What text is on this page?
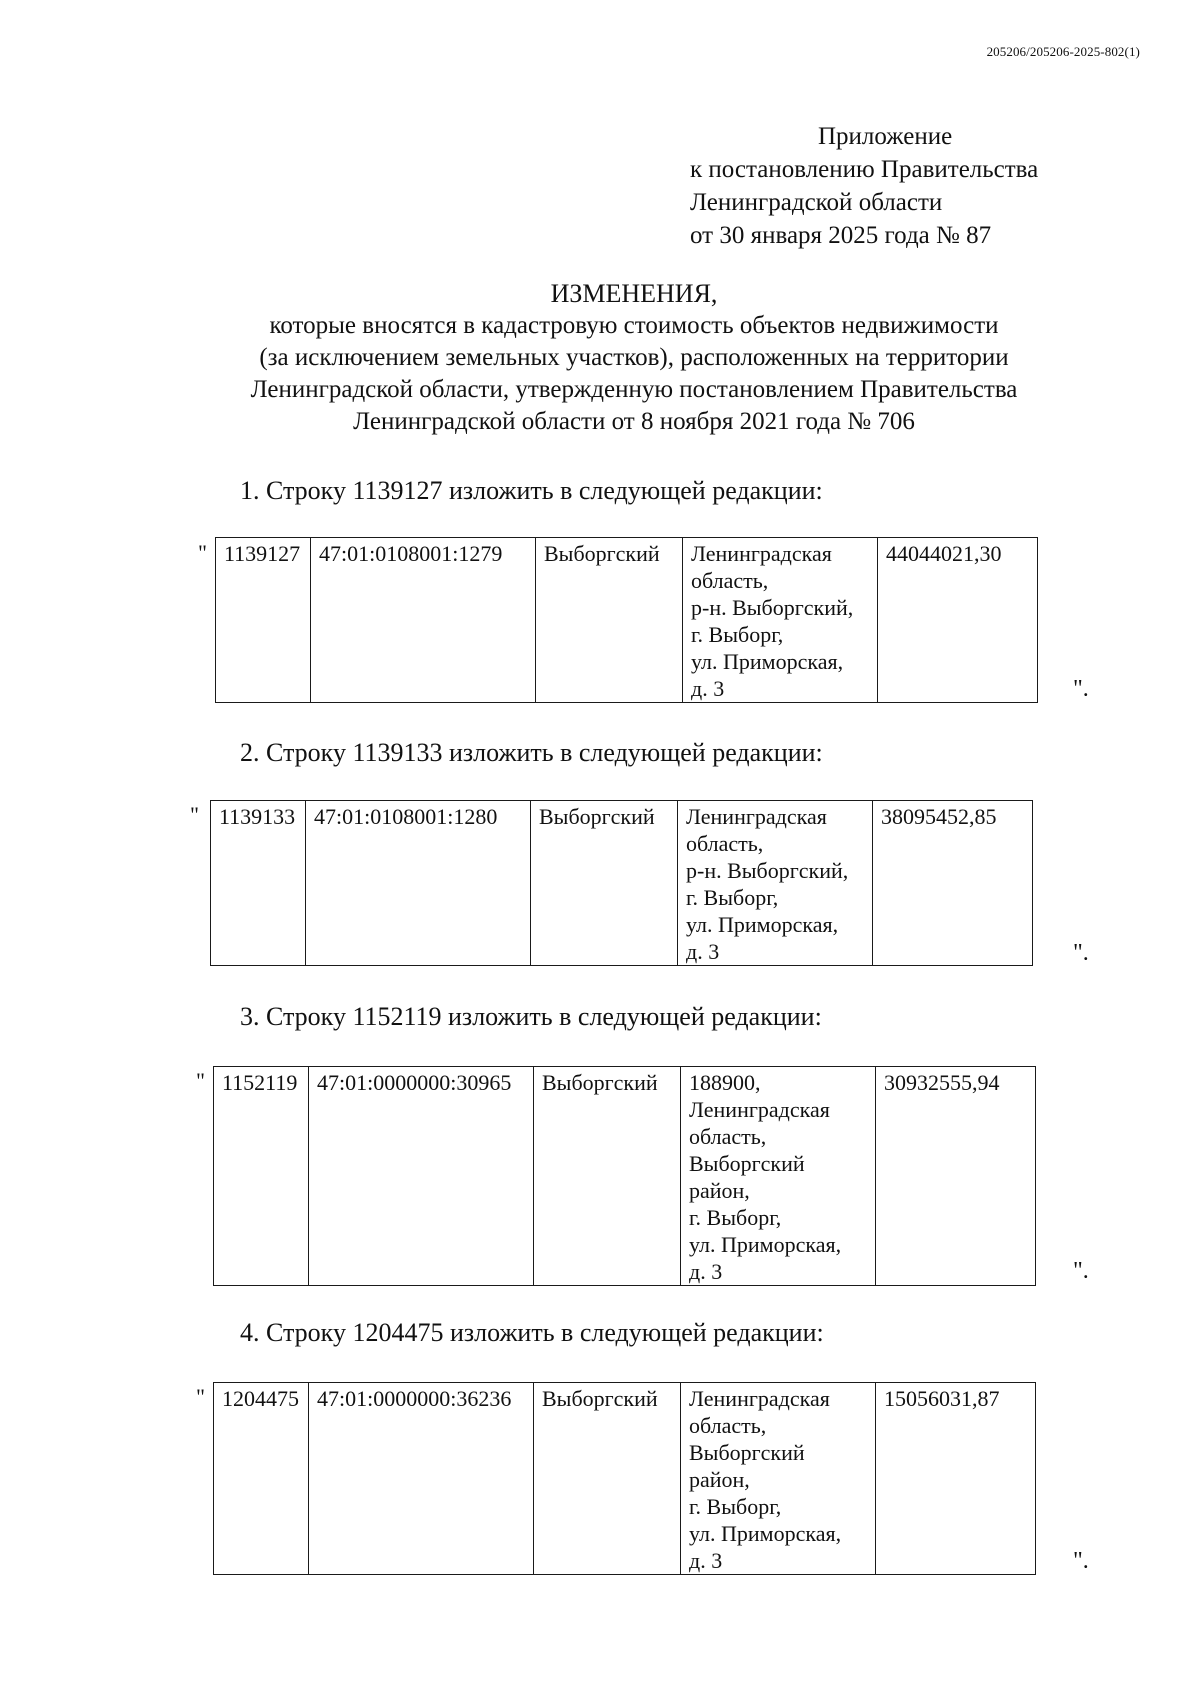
205206/205206-2025-802(1)
Приложение
к постановлению Правительства
Ленинградской области
от 30 января 2025 года № 87
ИЗМЕНЕНИЯ,
которые вносятся в кадастровую стоимость объектов недвижимости
(за исключением земельных участков), расположенных на территории
Ленинградской области, утвержденную постановлением Правительства
Ленинградской области от 8 ноября 2021 года № 706
1. Строку 1139127 изложить в следующей редакции:
" 1139127	47:01:0108001:1279	Выборгский	Ленинградская
область,
р-н. Выборгский,
г. Выборг,
ул. Приморская,
д. 3
	44044021,30
".
2. Строку 1139133 изложить в следующей редакции:
" 1139133	47:01:0108001:1280	Выборгский	Ленинградская
область,
р-н. Выборгский,
г. Выборг,
ул. Приморская,
д. 3
	38095452,85
".
3. Строку 1152119 изложить в следующей редакции:
" 1152119	47:01:0000000:30965	Выборгский	188900,
Ленинградская
область,
Выборгский
район,
г. Выборг,
ул. Приморская,
д. 3
	30932555,94
".
4. Строку 1204475 изложить в следующей редакции:
" 1204475	47:01:0000000:36236	Выборгский	Ленинградская
область,
Выборгский
район,
г. Выборг,
ул. Приморская,
д. 3
	15056031,87
".
